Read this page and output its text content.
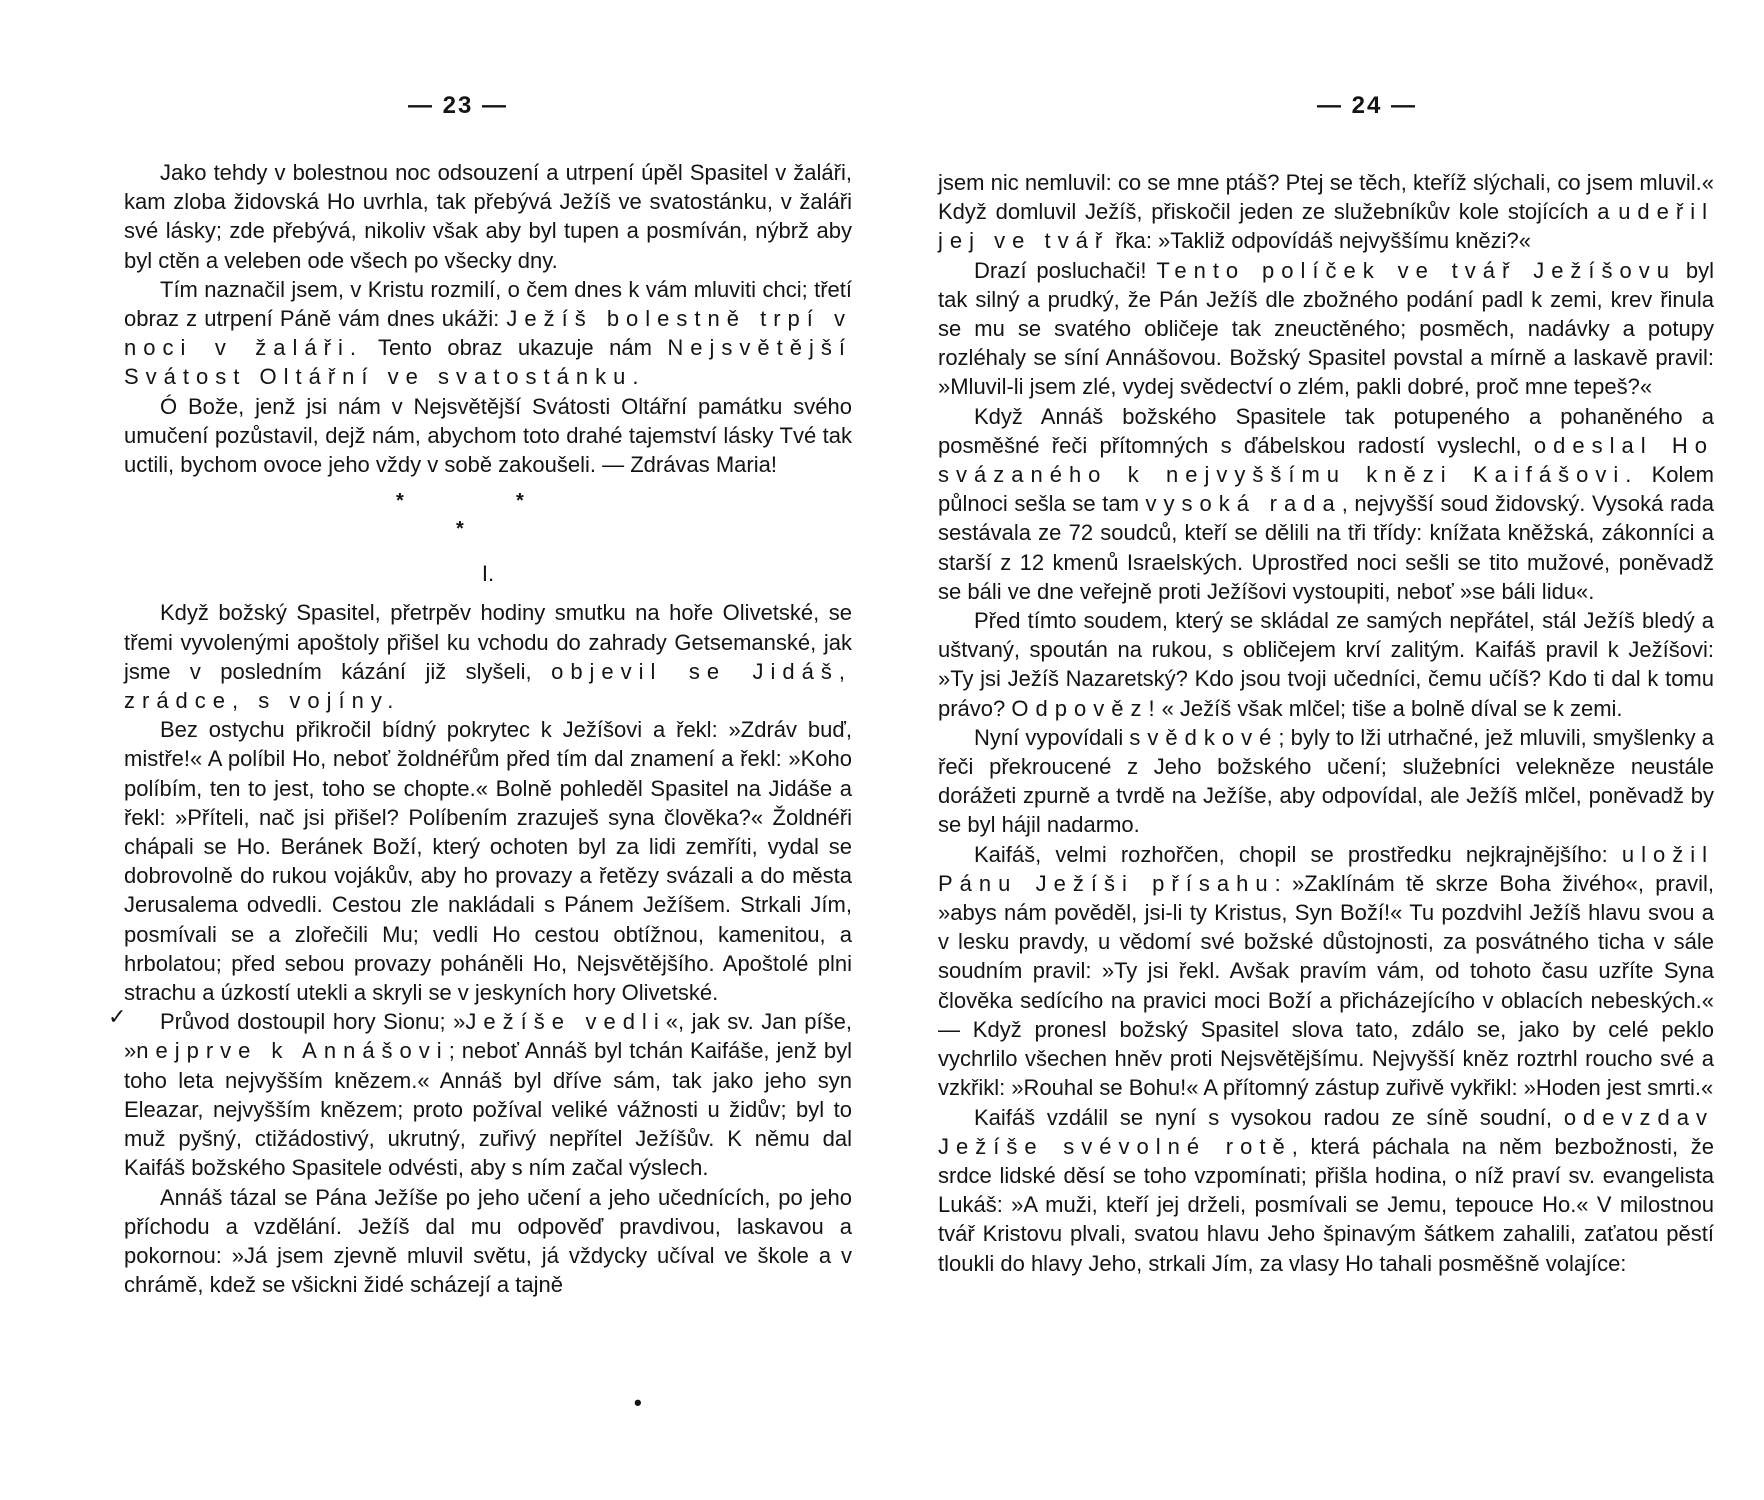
— 23 —

Jako tehdy v bolestnou noc odsouzení a utrpení úpěl Spasitel v žaláři, kam zloba židovská Ho uvrhla, tak přebývá Ježíš ve svatostánku, v žaláři své lásky; zde přebývá, nikoliv však aby byl tupen a posmíván, nýbrž aby byl ctěn a veleben ode všech po všecky dny.

Tím naznačil jsem, v Kristu rozmilí, o čem dnes k vám mluviti chci; třetí obraz z utrpení Páně vám dnes ukáži: Ježíš bolestně trpí v noci v žaláři. Tento obraz ukazuje nám Nejsvětější Svátost Oltářní ve svatostánku.

Ó Bože, jenž jsi nám v Nejsvětější Svátosti Oltářní památku svého umučení pozůstavil, dejž nám, abychom toto drahé tajemství lásky Tvé tak uctili, bychom ovoce jeho vždy v sobě zakoušeli. — Zdrávas Maria!

*	*
*
I.

Když božský Spasitel, přetrpěv hodiny smutku na hoře Olivetské, se třemi vyvolenými apoštoly přišel ku vchodu do zahrady Getsemanské, jak jsme v posledním kázání již slyšeli, objevil se Jidáš, zrádce, s vojíny.

Bez ostychu přikročil bídný pokrytec k Ježíšovi a řekl: »Zdráv buď, mistře!« A políbil Ho, neboť žoldnéřům před tím dal znamení a řekl: »Koho políbím, ten to jest, toho se chopte.« Bolně pohleděl Spasitel na Jidáše a řekl: »Příteli, nač jsi přišel? Políbením zrazuješ syna člověka?« Žoldnéři chápali se Ho. Beránek Boží, který ochoten byl za lidi zemříti, vydal se dobrovolně do rukou vojákův, aby ho provazy a řetězy svázali a do města Jerusalema odvedli. Cestou zle nakládali s Pánem Ježíšem. Strkali Jím, posmívali se a zlořečili Mu; vedli Ho cestou obtížnou, kamenitou, a hrbolatou; před sebou provazy poháněli Ho, Nejsvětějšího. Apoštolé plni strachu a úzkostí utekli a skryli se v jeskyních hory Olivetské.

Průvod dostoupil hory Sionu; »Ježíše vedli«, jak sv. Jan píše, »nejprve k Annášovi; neboť Annáš byl tchán Kaifáše, jenž byl toho leta nejvyšším knězem.« Annáš byl dříve sám, tak jako jeho syn Eleazar, nejvyšším knězem; proto požíval veliké vážnosti u židův; byl to muž pyšný, ctižádostivý, ukrutný, zuřivý nepřítel Ježíšův. K němu dal Kaifáš božského Spasitele odvésti, aby s ním začal výslech.

Annáš tázal se Pána Ježíše po jeho učení a jeho učednících, po jeho příchodu a vzdělání. Ježíš dal mu odpověď pravdivou, laskavou a pokornou: »Já jsem zjevně mluvil světu, já vždycky učíval ve škole a v chrámě, kdež se všickni židé scházejí a tajně

✓
•
— 24 —

jsem nic nemluvil: co se mne ptáš? Ptej se těch, kteříž slýchali, co jsem mluvil.« Když domluvil Ježíš, přiskočil jeden ze služebníkův kole stojících a udeřil jej ve tvář řka: »Takliž odpovídáš nejvyššímu knězi?«

Drazí posluchači! Tento políček ve tvář Ježíšovu byl tak silný a prudký, že Pán Ježíš dle zbožného podání padl k zemi, krev řinula se mu se svatého obličeje tak zneuctěného; posměch, nadávky a potupy rozléhaly se síní Annášovou. Božský Spasitel povstal a mírně a laskavě pravil: »Mluvil-li jsem zlé, vydej svědectví o zlém, pakli dobré, proč mne tepeš?«

Když Annáš božského Spasitele tak potupeného a pohaněného a posměšné řeči přítomných s ďábelskou radostí vyslechl, odeslal Ho svázaného k nejvyššímu knězi Kaifášovi. Kolem půlnoci sešla se tam vysoká rada, nejvyšší soud židovský. Vysoká rada sestávala ze 72 soudců, kteří se dělili na tři třídy: knížata kněžská, zákonníci a starší z 12 kmenů Israelských. Uprostřed noci sešli se tito mužové, poněvadž se báli ve dne veřejně proti Ježíšovi vystoupiti, neboť »se báli lidu«.

Před tímto soudem, který se skládal ze samých nepřátel, stál Ježíš bledý a uštvaný, spoután na rukou, s obličejem krví zalitým. Kaifáš pravil k Ježíšovi: »Ty jsi Ježíš Nazaretský? Kdo jsou tvoji učedníci, čemu učíš? Kdo ti dal k tomu právo? Odpověz!« Ježíš však mlčel; tiše a bolně díval se k zemi.

Nyní vypovídali svědkové; byly to lži utrhačné, jež mluvili, smyšlenky a řeči překroucené z Jeho božského učení; služebníci velekněze neustále dorážeti zpurně a tvrdě na Ježíše, aby odpovídal, ale Ježíš mlčel, poněvadž by se byl hájil nadarmo.

Kaifáš, velmi rozhořčen, chopil se prostředku nejkrajnějšího: uložil Pánu Ježíši přísahu: »Zaklínám tě skrze Boha živého«, pravil, »abys nám pověděl, jsi-li ty Kristus, Syn Boží!« Tu pozdvihl Ježíš hlavu svou a v lesku pravdy, u vědomí své božské důstojnosti, za posvátného ticha v sále soudním pravil: »Ty jsi řekl. Avšak pravím vám, od tohoto času uzříte Syna člověka sedícího na pravici moci Boží a přicházejícího v oblacích nebeských.« — Když pronesl božský Spasitel slova tato, zdálo se, jako by celé peklo vychrlilo všechen hněv proti Nejsvětějšímu. Nejvyšší kněz roztrhl roucho své a vzkřikl: »Rouhal se Bohu!« A přítomný zástup zuřivě vykřikl: »Hoden jest smrti.«

Kaifáš vzdálil se nyní s vysokou radou ze síně soudní, odevzdav Ježíše svévolné rotě, která páchala na něm bezbožnosti, že srdce lidské děsí se toho vzpomínati; přišla hodina, o níž praví sv. evangelista Lukáš: »A muži, kteří jej drželi, posmívali se Jemu, tepouce Ho.« V milostnou tvář Kristovu plvali, svatou hlavu Jeho špinavým šátkem zahalili, zaťatou pěstí tloukli do hlavy Jeho, strkali Jím, za vlasy Ho tahali posměšně volajíce:
